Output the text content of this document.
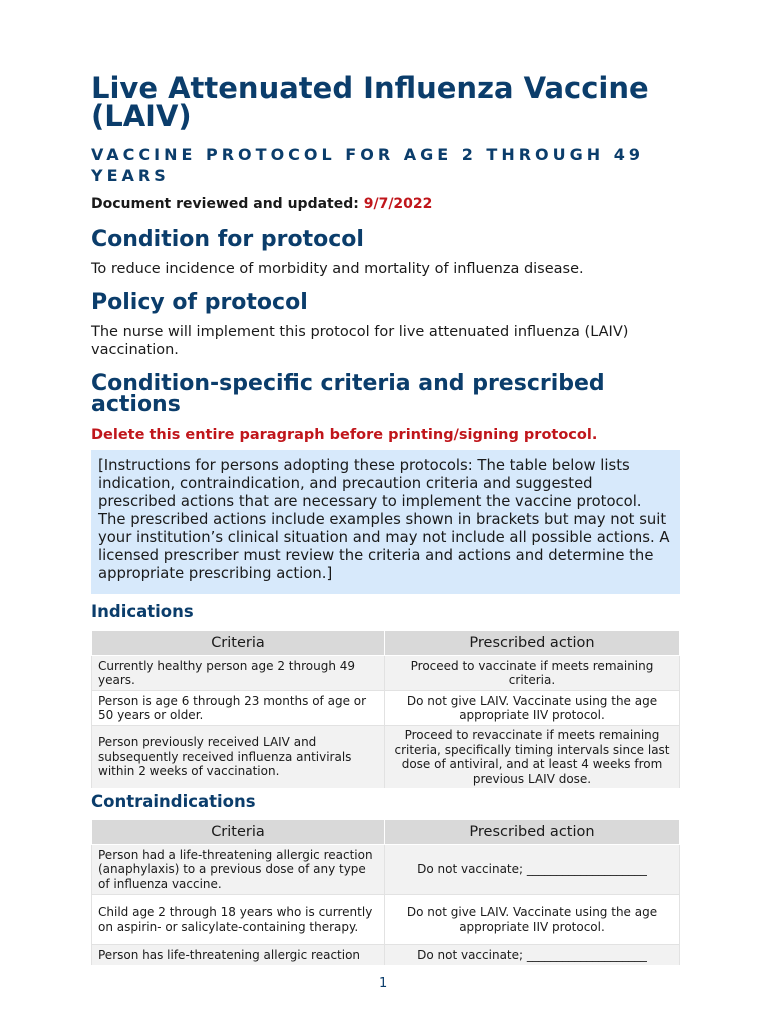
Live Attenuated Influenza Vaccine (LAIV)
VACCINE PROTOCOL FOR AGE 2 THROUGH 49 YEARS
Document reviewed and updated: 9/7/2022
Condition for protocol

To reduce incidence of morbidity and mortality of influenza disease.

Policy of protocol

The nurse will implement this protocol for live attenuated influenza (LAIV) vaccination.

Condition-specific criteria and prescribed actions

Delete this entire paragraph before printing/signing protocol.

[Instructions for persons adopting these protocols: The table below lists indication, contraindication, and precaution criteria and suggested prescribed actions that are necessary to implement the vaccine protocol. The prescribed actions include examples shown in brackets but may not suit your institution’s clinical situation and may not include all possible actions. A licensed prescriber must review the criteria and actions and determine the appropriate prescribing action.]
Indications
Criteria	Prescribed action
Currently healthy person age 2 through 49 years.	Proceed to vaccinate if meets remaining criteria.
Person is age 6 through 23 months of age or 50 years or older.	Do not give LAIV. Vaccinate using the age appropriate IIV protocol.
Person previously received LAIV and subsequently received influenza antivirals within 2 weeks of vaccination.	Proceed to revaccinate if meets remaining criteria, specifically timing intervals since last dose of antiviral, and at least 4 weeks from previous LAIV dose.
Contraindications
Criteria	Prescribed action
Person had a life-threatening allergic reaction (anaphylaxis) to a previous dose of any type of influenza vaccine.	Do not vaccinate; ____________________
Child age 2 through 18 years who is currently on aspirin- or salicylate-containing therapy.	Do not give LAIV. Vaccinate using the age appropriate IIV protocol.
Person has life-threatening allergic reaction	Do not vaccinate; ____________________
1
